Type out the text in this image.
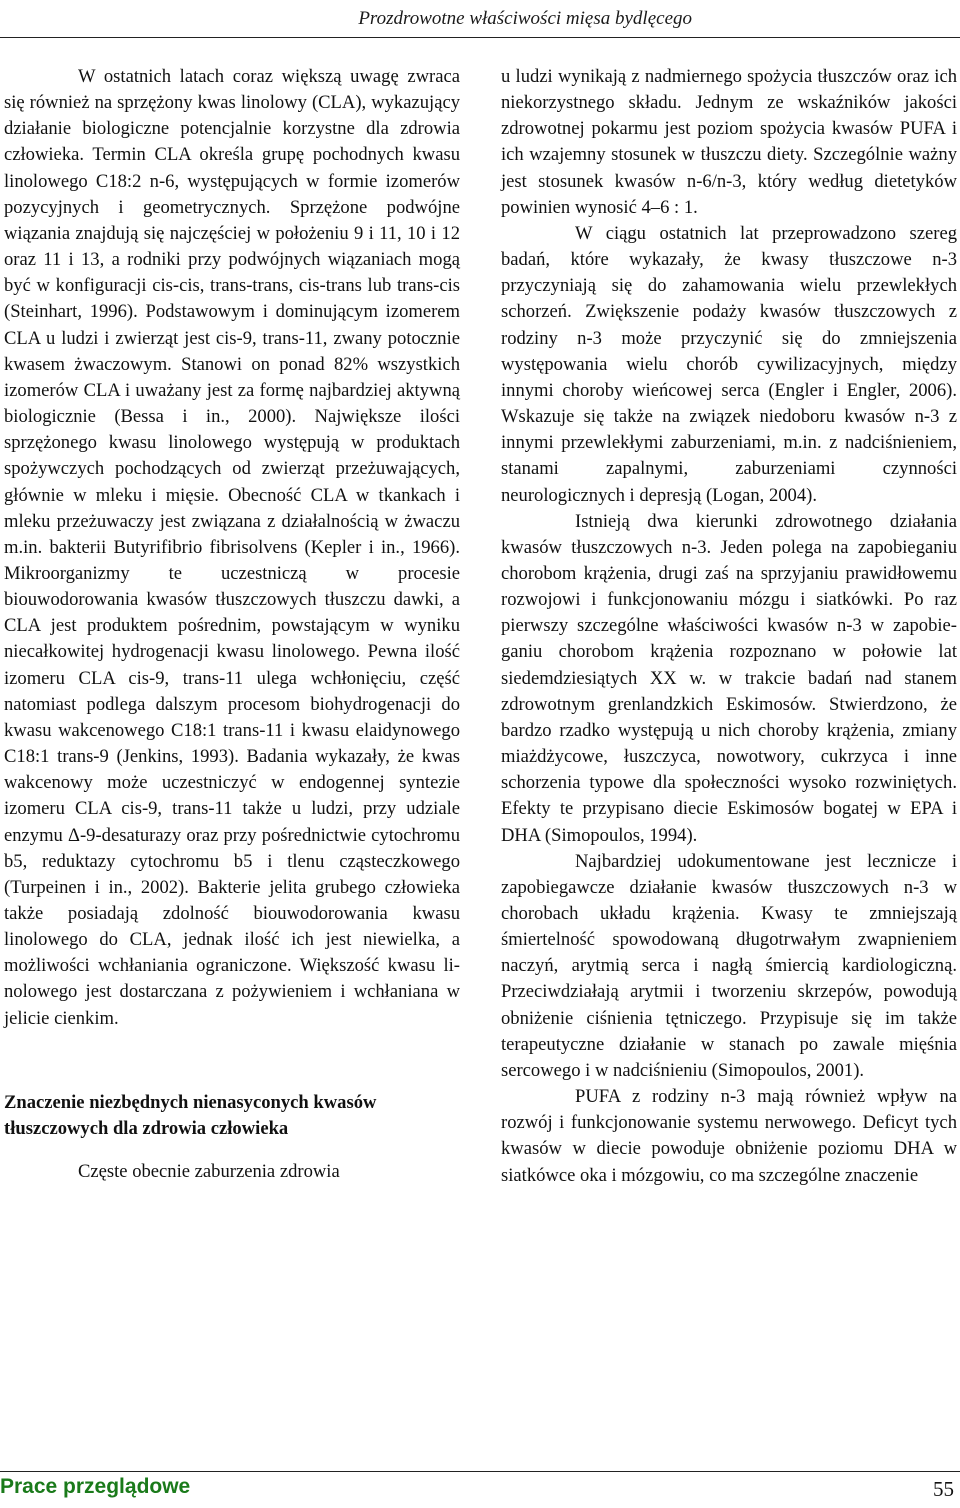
Prozdrowotne właściwości mięsa bydlęcego

W ostatnich latach coraz większą uwagę zwraca się również na sprzężony kwas linolowy (CLA), wykazujący działanie biologiczne potencjalnie korzystne dla zdrowia człowieka. Termin CLA określa grupę pochodnych kwasu linolowego C18:2 n-6, występujących w formie izomerów pozycyjnych i geometrycznych. Sprzężone podwójne wiązania znajdują się najczęściej w położeniu 9 i 11, 10 i 12 oraz 11 i 13, a rodniki przy podwójnych wiązaniach mogą być w konfiguracji cis-cis, trans-trans, cis-trans lub trans-cis (Steinhart, 1996). Podstawowym i dominującym izomerem CLA u ludzi i zwierząt jest cis-9, trans-11, zwany potocznie kwasem żwaczowym. Stanowi on ponad 82% wszystkich izomerów CLA i uważany jest za formę najbardziej aktywną biologicznie (Bessa i in., 2000). Największe ilości sprzężonego kwasu linolowego występują w produktach spożywczych pochodzących od zwierząt przeżuwających, głównie w mleku i mięsie. Obecność CLA w tkankach i mleku przeżuwaczy jest związana z działalnością w żwaczu m.in. bakterii Butyrifibrio fibrisolvens (Kepler i in., 1966). Mikroorganizmy te uczestniczą w procesie biouwodorowania kwasów tłuszczowych tłuszczu dawki, a CLA jest produktem pośrednim, powstającym w wyniku niecałkowitej hydrogenacji kwasu linolowego. Pewna ilość izomeru CLA cis-9, trans-11 ulega wchłonięciu, część natomiast podlega dalszym procesom biohydrogenacji do kwasu wakcenowego C18:1 trans-11 i kwasu elaidynowego C18:1 trans-9 (Jenkins, 1993). Badania wykazały, że kwas wakcenowy może uczestniczyć w endogennej syntezie izomeru CLA cis-9, trans-11 także u ludzi, przy udziale enzymu Δ-9-desaturazy oraz przy pośrednictwie cytochromu b5, reduktazy cytochromu b5 i tlenu cząsteczkowego (Turpeinen i in., 2002). Bakterie jelita grubego człowieka także posiadają zdolność biouwodorowania kwasu linolowego do CLA, jednak ilość ich jest niewielka, a możliwości wchłaniania ograniczone. Większość kwasu linolowego jest dostarczana z pożywieniem i wchłaniana w jelicie cienkim.

Znaczenie niezbędnych nienasyconych kwasów tłuszczowych dla zdrowia człowieka

Częste obecnie zaburzenia zdrowia

u ludzi wynikają z nadmiernego spożycia tłuszczów oraz ich niekorzystnego składu. Jednym ze wskaźników jakości zdrowotnej pokarmu jest poziom spożycia kwasów PUFA i ich wzajemny stosunek w tłuszczu diety. Szczególnie ważny jest stosunek kwasów n-6/n-3, który według dietetyków powinien wynosić 4–6 : 1.

W ciągu ostatnich lat przeprowadzono szereg badań, które wykazały, że kwasy tłuszczowe n-3 przyczyniają się do zahamowania wielu przewlekłych schorzeń. Zwiększenie podaży kwasów tłuszczowych z rodziny n-3 może przyczynić się do zmniejszenia występowania wielu chorób cywilizacyjnych, między innymi choroby wieńcowej serca (Engler i Engler, 2006). Wskazuje się także na związek niedoboru kwasów n-3 z innymi przewlekłymi zaburzeniami, m.in. z nadciśnieniem, stanami zapalnymi, zaburzeniami czynności neurologicznych i depresją (Logan, 2004).

Istnieją dwa kierunki zdrowotnego działania kwasów tłuszczowych n-3. Jeden polega na zapobieganiu chorobom krążenia, drugi zaś na sprzyjaniu prawidłowemu rozwojowi i funkcjonowaniu mózgu i siatkówki. Po raz pierwszy szczególne właściwości kwasów n-3 w zapobieganiu chorobom krążenia rozpoznano w połowie lat siedemdziesiątych XX w. w trakcie badań nad stanem zdrowotnym grenlandzkich Eskimosów. Stwierdzono, że bardzo rzadko występują u nich choroby krążenia, zmiany miażdżycowe, łuszczyca, nowotwory, cukrzyca i inne schorzenia typowe dla społeczności wysoko rozwiniętych. Efekty te przypisano diecie Eskimosów bogatej w EPA i DHA (Simopoulos, 1994).

Najbardziej udokumentowane jest lecznicze i zapobiegawcze działanie kwasów tłuszczowych n-3 w chorobach układu krążenia. Kwasy te zmniejszają śmiertelność spowodowaną długotrwałym zwapnieniem naczyń, arytmią serca i nagłą śmiercią kardiologiczną. Przeciwdziałają arytmii i tworzeniu skrzepów, powodują obniżenie ciśnienia tętniczego. Przypisuje się im także terapeutyczne działanie w stanach po zawale mięśnia sercowego i w nadciśnieniu (Simopoulos, 2001).

PUFA z rodziny n-3 mają również wpływ na rozwój i funkcjonowanie systemu nerwowego. Deficyt tych kwasów w diecie powoduje obniżenie poziomu DHA w siatkówce oka i mózgowiu, co ma szczególne znaczenie

Prace przeglądowe	55
